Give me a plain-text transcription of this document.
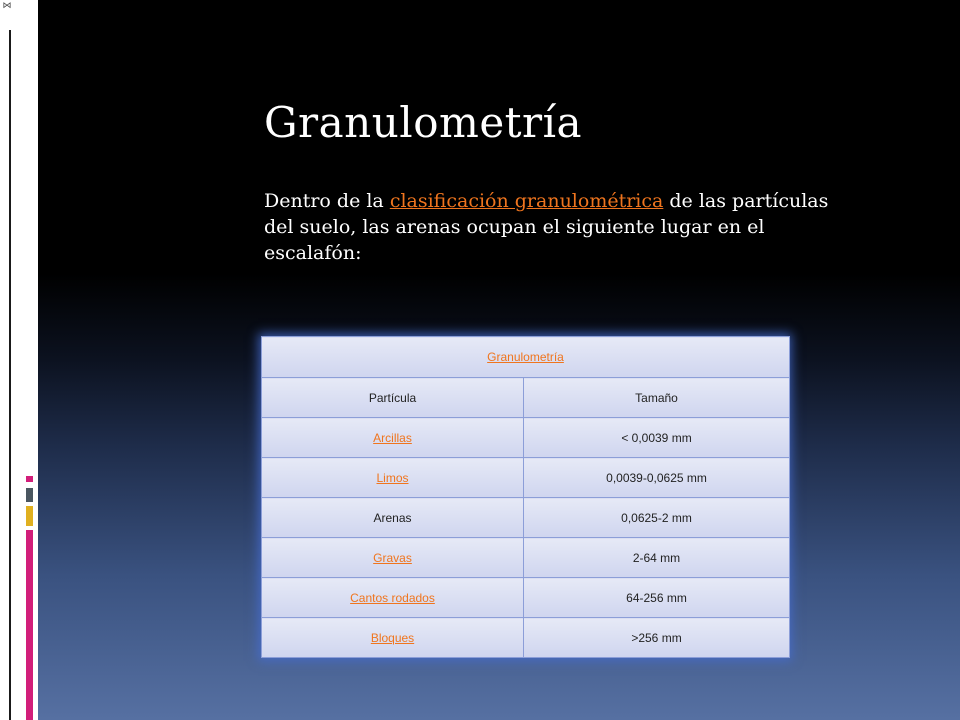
⋈
Granulometría

Dentro de la clasificación granulométrica de las partículas del suelo, las arenas ocupan el siguiente lugar en el escalafón:

Granulometría	
Partícula	Tamaño
Arcillas	< 0,0039 mm
Limos	0,0039-0,0625 mm
Arenas	0,0625-2 mm
Gravas	2-64 mm
Cantos rodados	64-256 mm
Bloques	>256 mm
